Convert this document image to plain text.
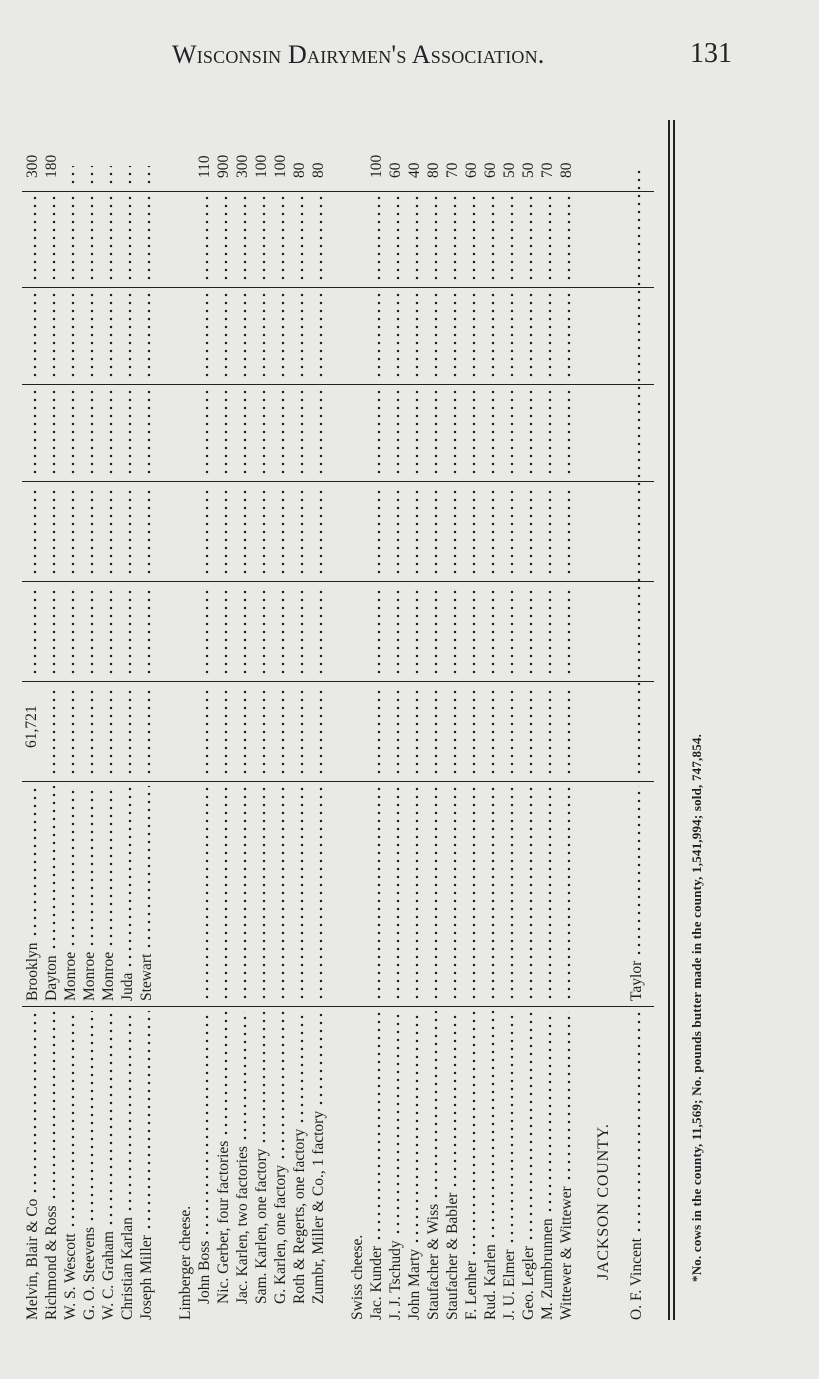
Wisconsin Dairymen's Association.	131
61,721
*No. cows in the county, 11,569; No. pounds butter made in the county, 1,541,994; sold, 747,854.
Melvin, Blair & Co
Brooklyn
300
Richmond & Ross
Dayton
180
W. S. Wescott
Monroe
G. O. Steevens
Monroe
W. C. Graham
Monroe
Christian Karlan
Juda
Joseph Miller
Stewart
Limberger cheese. John Boss
110
Nic. Gerber, four factories
900
Jac. Karlen, two factories
300
Sam. Karlen, one factory
100
G. Karlen, one factory
100
Roth & Regerts, one factory
80
Zumbr, Miller & Co., 1 factory
80
Swiss cheese. Jac. Kunder
100
J. J. Tschudy
60
John Marty
40
Staufacher & Wiss
80
Staufacher & Babler
70
F. Lenher
60
Rud. Karlen
60
J. U. Elmer
50
Geo. Legler
50
M. Zumbrunnen
70
Wittewer & Wittewer
80
JACKSON COUNTY. O. F. Vincent
Taylor
